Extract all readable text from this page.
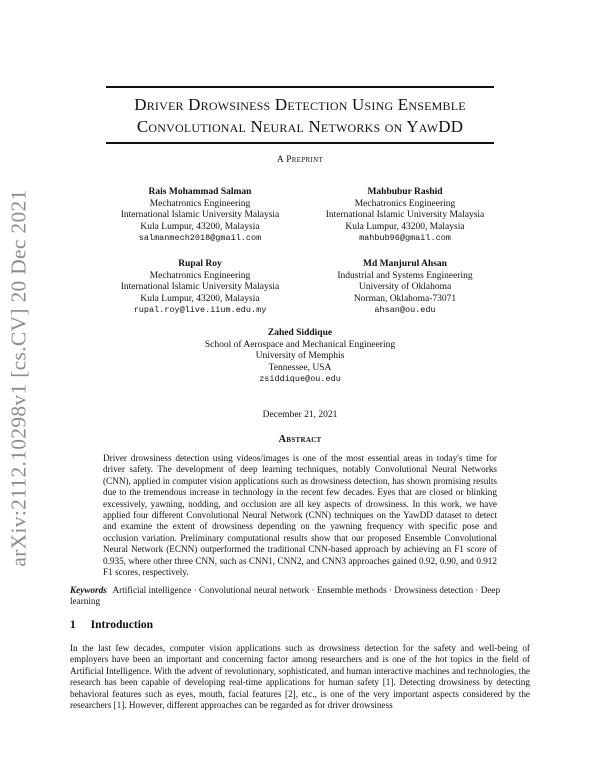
arXiv:2112.10298v1 [cs.CV] 20 Dec 2021
Driver Drowsiness Detection Using Ensemble
Convolutional Neural Networks on YawDD
A Preprint
Rais Mohammad Salman
Mechatronics Engineering
International Islamic University Malaysia
Kula Lumpur, 43200, Malaysia
salmanmech2018@gmail.com
Mahbubur Rashid
Mechatronics Engineering
International Islamic University Malaysia
Kula Lumpur, 43200, Malaysia
mahbub96@gmail.com
Rupal Roy
Mechatronics Engineering
International Islamic University Malaysia
Kula Lumpur, 43200, Malaysia
rupal.roy@live.iium.edu.my
Md Manjurul Ahsan
Industrial and Systems Engineering
University of Oklahoma
Norman, Oklahoma-73071
ahsan@ou.edu
Zahed Siddique
School of Aerospace and Mechanical Engineering
University of Memphis
Tennessee, USA
zsiddique@ou.edu
December 21, 2021
Abstract
Driver drowsiness detection using videos/images is one of the most essential areas in today's time for driver safety. The development of deep learning techniques, notably Convolutional Neural Networks (CNN), applied in computer vision applications such as drowsiness detection, has shown promising results due to the tremendous increase in technology in the recent few decades. Eyes that are closed or blinking excessively, yawning, nodding, and occlusion are all key aspects of drowsiness. In this work, we have applied four different Convolutional Neural Network (CNN) techniques on the YawDD dataset to detect and examine the extent of drowsiness depending on the yawning frequency with specific pose and occlusion variation. Preliminary computational results show that our proposed Ensemble Convolutional Neural Network (ECNN) outperformed the traditional CNN-based approach by achieving an F1 score of 0.935, where other three CNN, such as CNN1, CNN2, and CNN3 approaches gained 0.92, 0.90, and 0.912 F1 scores, respectively.
Keywords Artificial intelligence · Convolutional neural network · Ensemble methods · Drowsiness detection · Deep learning
1 Introduction
In the last few decades, computer vision applications such as drowsiness detection for the safety and well-being of employers have been an important and concerning factor among researchers and is one of the hot topics in the field of Artificial Intelligence. With the advent of revolutionary, sophisticated, and human interactive machines and technologies, the research has been capable of developing real-time applications for human safety [1]. Detecting drowsiness by detecting behavioral features such as eyes, mouth, facial features [2], etc., is one of the very important aspects considered by the researchers [1]. However, different approaches can be regarded as for driver drowsiness
